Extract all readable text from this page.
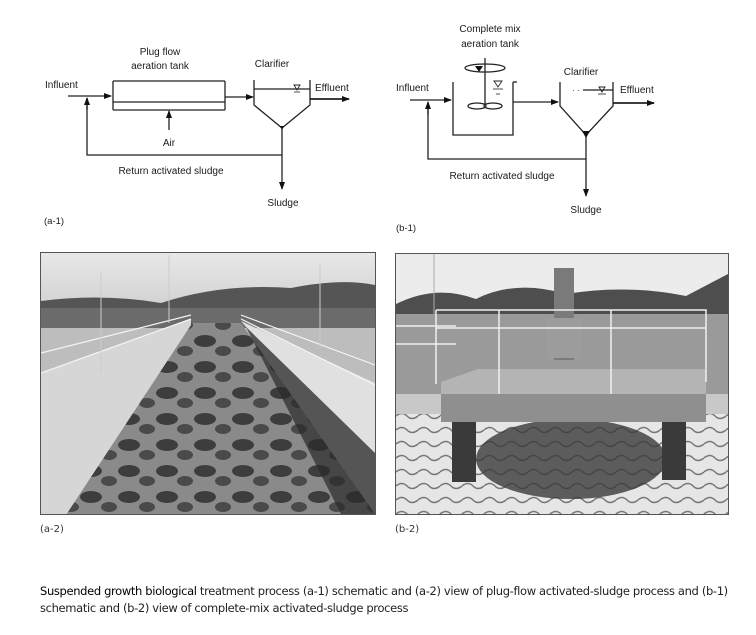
Plug flow
aeration tank	Clarifier
Influent	Effluent
Air
Return activated sludge
Sludge
(a-1)
· ·
Complete mix
aeration tank
Clarifier
Influent	Effluent
Return activated sludge
Sludge
(b-1)
(a-2)	(b-2)
Suspended growth biological treatment process (a-1) schematic and (a-2) view of plug-flow activated-sludge process and (b-1) schematic and (b-2) view of complete-mix activated-sludge process
